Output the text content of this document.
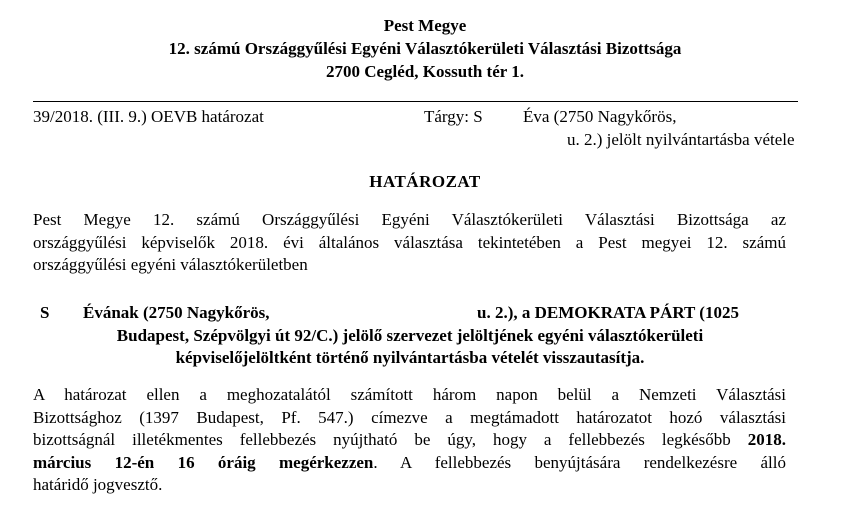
Pest Megye
12. számú Országgyűlési Egyéni Választókerületi Választási Bizottsága
2700 Cegléd, Kossuth tér 1.
39/2018. (III. 9.) OEVB határozat	Tárgy: S Éva (2750 Nagykőrös,
u. 2.) jelölt nyilvántartásba vétele
HATÁROZAT
Pest Megye 12. számú Országgyűlési Egyéni Választókerületi Választási Bizottsága az
országgyűlési képviselők 2018. évi általános választása tekintetében a Pest megyei 12. számú
országgyűlési egyéni választókerületben
S Évának (2750 Nagykőrös,	u. 2.), a DEMOKRATA PÁRT (1025
Budapest, Szépvölgyi út 92/C.) jelölő szervezet jelöltjének egyéni választókerületi
képviselőjelöltként történő nyilvántartásba vételét visszautasítja.
A határozat ellen a meghozatalától számított három napon belül a Nemzeti Választási
Bizottsághoz (1397 Budapest, Pf. 547.) címezve a megtámadott határozatot hozó választási
bizottságnál illetékmentes fellebbezés nyújtható be úgy, hogy a fellebbezés legkésőbb 2018.
március 12-én 16 óráig megérkezzen. A fellebbezés benyújtására rendelkezésre álló
határidő jogvesztő.
